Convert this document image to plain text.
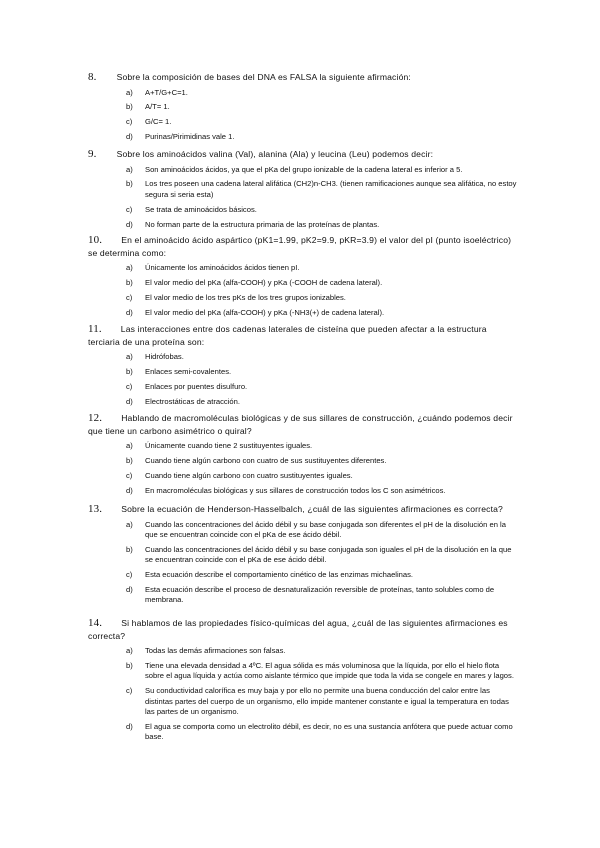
8. Sobre la composición de bases del DNA es FALSA la siguiente afirmación:
a) A+T/G+C=1.
b) A/T= 1.
c) G/C= 1.
d) Purinas/Pirimidinas vale 1.
9. Sobre los aminoácidos valina (Val), alanina (Ala) y leucina (Leu) podemos decir:
a) Son aminoácidos ácidos, ya que el pKa del grupo ionizable de la cadena lateral es inferior a 5.
b) Los tres poseen una cadena lateral alifática (CH2)n-CH3. (tienen ramificaciones aunque sea alifática, no estoy segura si seria esta)
c) Se trata de aminoácidos básicos.
d) No forman parte de la estructura primaria de las proteínas de plantas.
10. En el aminoácido ácido aspártico (pK1=1.99, pK2=9.9, pKR=3.9) el valor del pI (punto isoeléctrico) se determina como:
a) Únicamente los aminoácidos ácidos tienen pI.
b) El valor medio del pKa (alfa-COOH) y pKa (-COOH de cadena lateral).
c) El valor medio de los tres pKs de los tres grupos ionizables.
d) El valor medio del pKa (alfa-COOH) y pKa (-NH3(+) de cadena lateral).
11. Las interacciones entre dos cadenas laterales de cisteína que pueden afectar a la estructura terciaria de una proteína son:
a) Hidrófobas.
b) Enlaces semi-covalentes.
c) Enlaces por puentes disulfuro.
d) Electrostáticas de atracción.
12. Hablando de macromoléculas biológicas y de sus sillares de construcción, ¿cuándo podemos decir que tiene un carbono asimétrico o quiral?
a) Únicamente cuando tiene 2 sustituyentes iguales.
b) Cuando tiene algún carbono con cuatro de sus sustituyentes diferentes.
c) Cuando tiene algún carbono con cuatro sustituyentes iguales.
d) En macromoléculas biológicas y sus sillares de construcción todos los C son asimétricos.
13. Sobre la ecuación de Henderson-Hasselbalch, ¿cuál de las siguientes afirmaciones es correcta?
a) Cuando las concentraciones del ácido débil y su base conjugada son diferentes el pH de la disolución en la que se encuentran coincide con el pKa de ese ácido débil.
b) Cuando las concentraciones del ácido débil y su base conjugada son iguales el pH de la disolución en la que se encuentran coincide con el pKa de ese ácido débil.
c) Esta ecuación describe el comportamiento cinético de las enzimas michaelinas.
d) Esta ecuación describe el proceso de desnaturalización reversible de proteínas, tanto solubles como de membrana.
14. Si hablamos de las propiedades físico-químicas del agua, ¿cuál de las siguientes afirmaciones es correcta?
a) Todas las demás afirmaciones son falsas.
b) Tiene una elevada densidad a 4ºC. El agua sólida es más voluminosa que la líquida, por ello el hielo flota sobre el agua líquida y actúa como aislante térmico que impide que toda la vida se congele en mares y lagos.
c) Su conductividad calorífica es muy baja y por ello no permite una buena conducción del calor entre las distintas partes del cuerpo de un organismo, ello impide mantener constante e igual la temperatura en todas las partes de un organismo.
d) El agua se comporta como un electrolito débil, es decir, no es una sustancia anfótera que puede actuar como base.
